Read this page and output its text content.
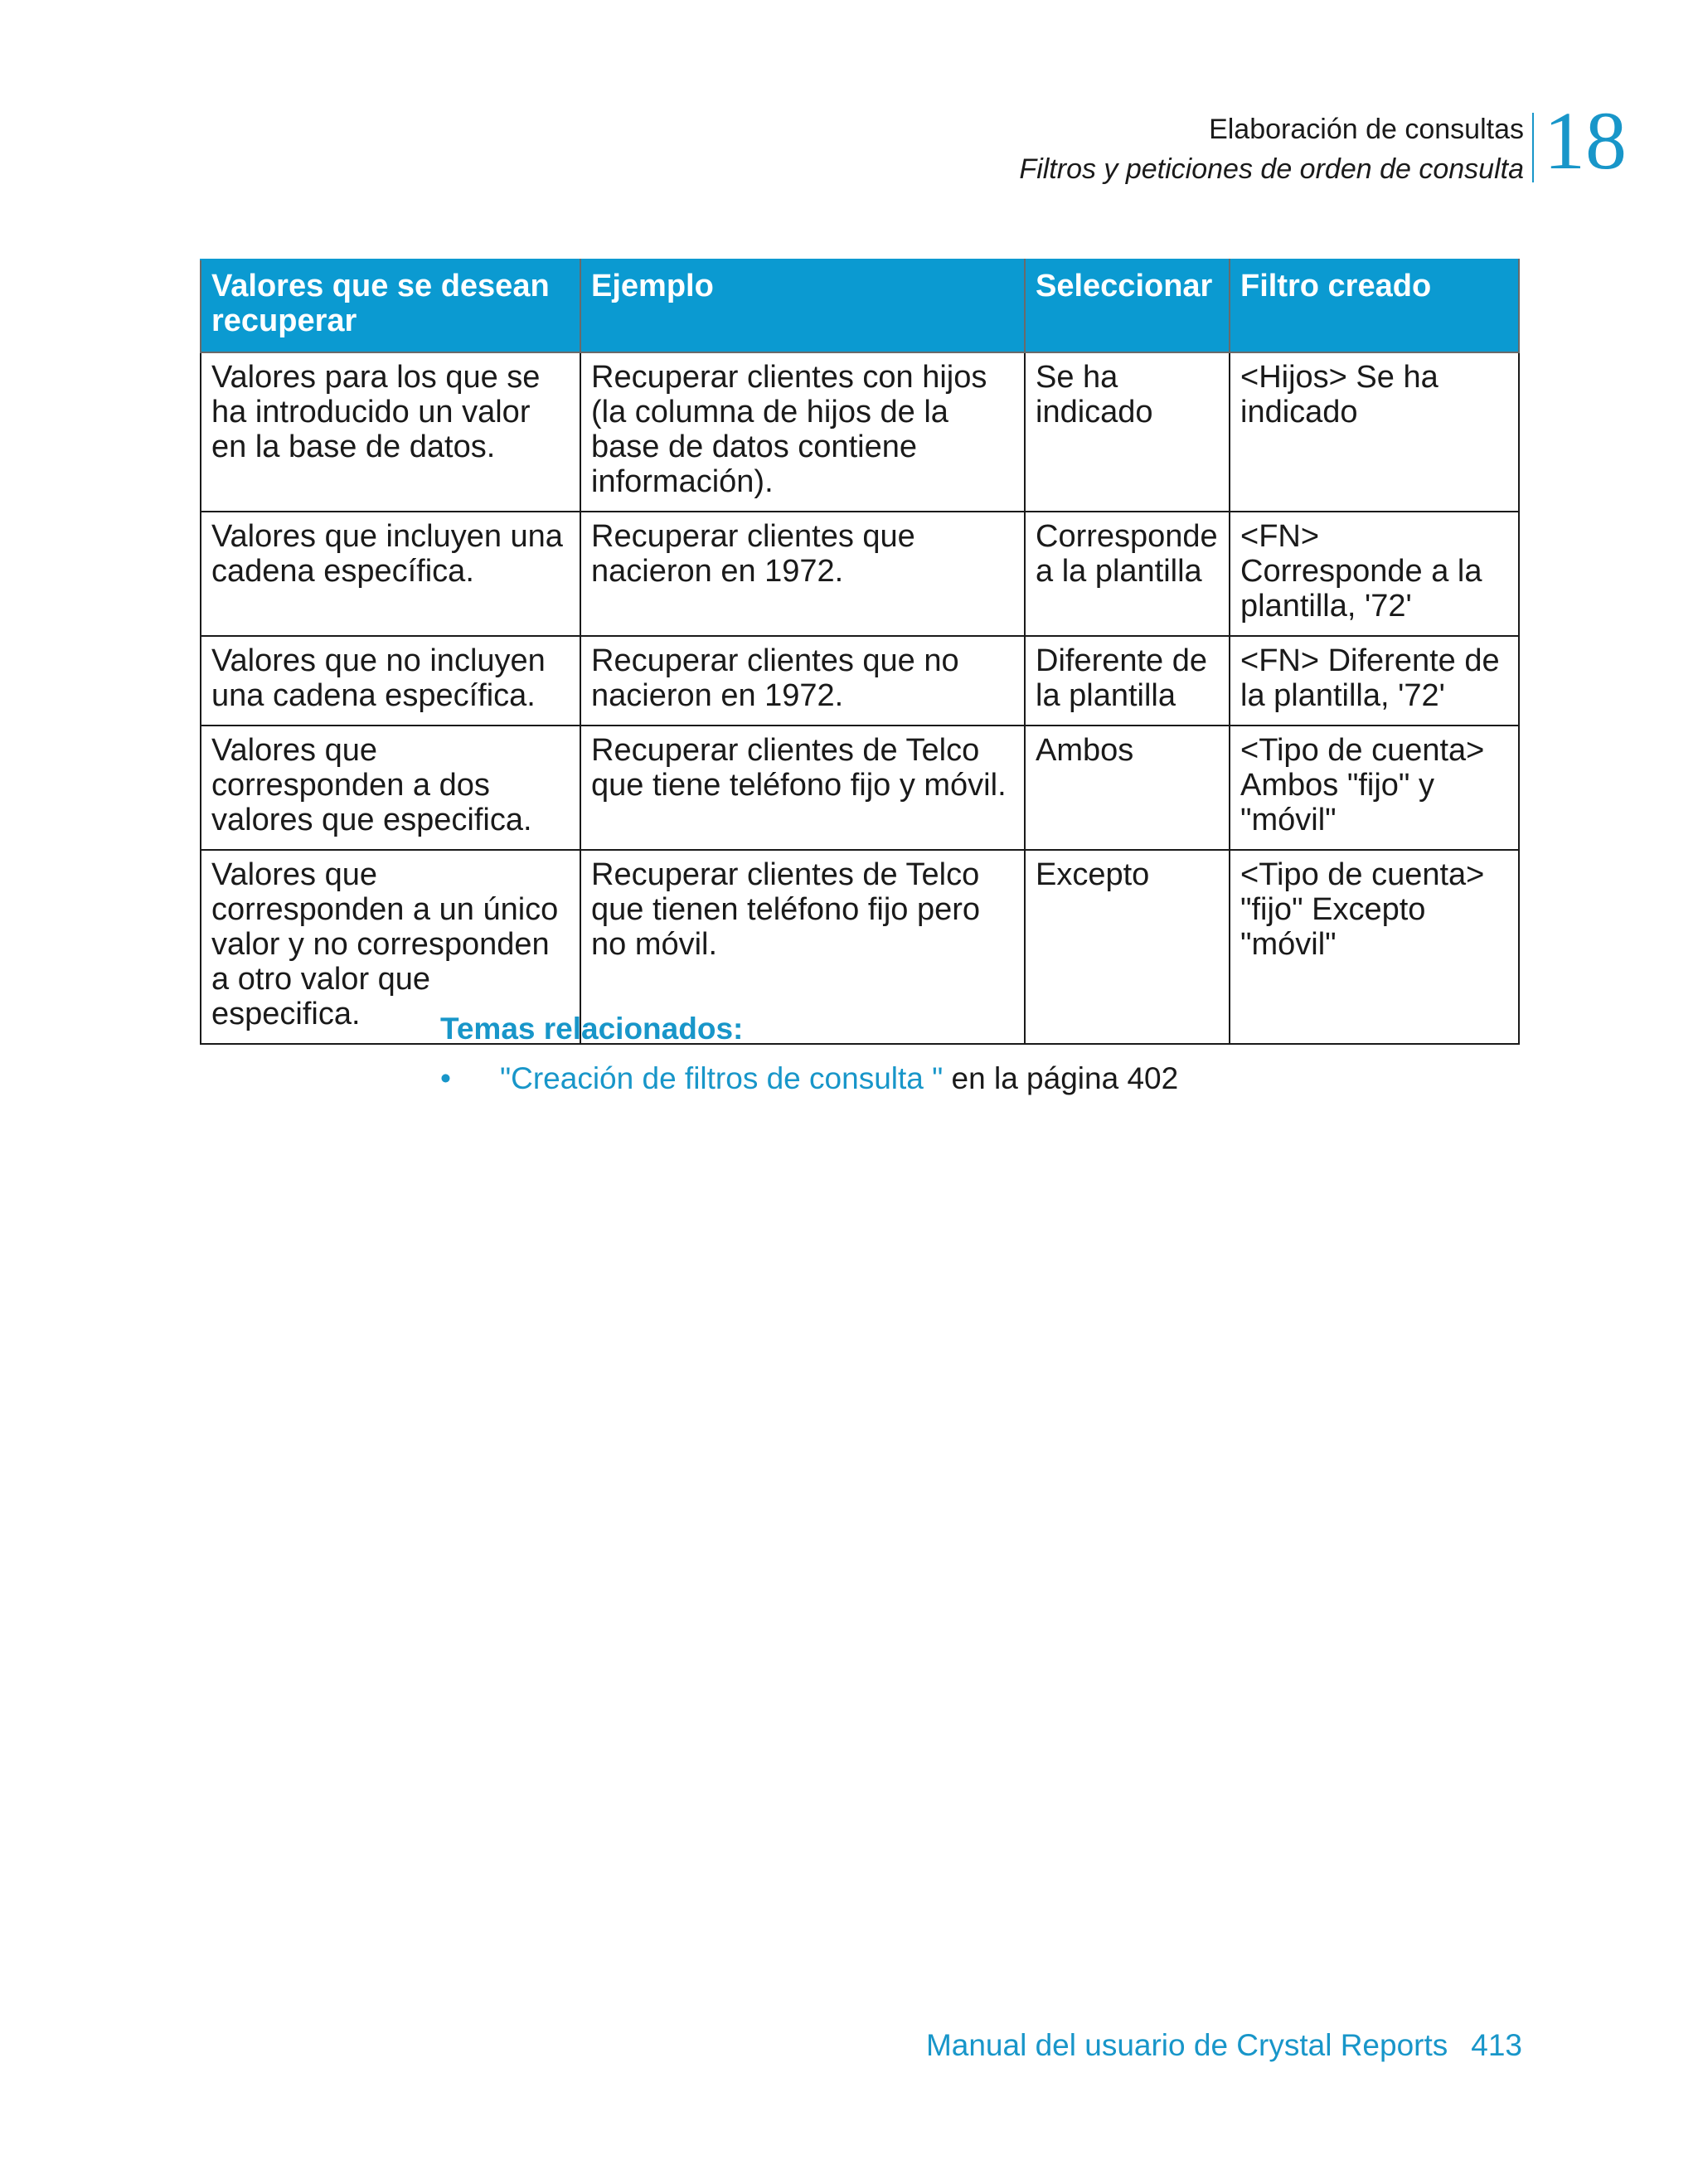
Elaboración de consultas
Filtros y peticiones de orden de consulta 18
Valores que se desean recuperar	Ejemplo	Seleccionar	Filtro creado
Valores para los que se ha introducido un valor en la base de datos.	Recuperar clientes con hijos (la columna de hijos de la base de datos contiene información).	Se ha indicado	<Hijos> Se ha indicado
Valores que incluyen una cadena específica.	Recuperar clientes que nacieron en 1972.	Corresponde a la plantilla	<FN> Corresponde a la plantilla, '72'
Valores que no incluyen una cadena específica.	Recuperar clientes que no nacieron en 1972.	Diferente de la plantilla	<FN> Diferente de la plantilla, '72'
Valores que corresponden a dos valores que especifica.	Recuperar clientes de Telco que tiene teléfono fijo y móvil.	Ambos	<Tipo de cuenta> Ambos "fijo" y "móvil"
Valores que corresponden a un único valor y no corresponden a otro valor que especifica.	Recuperar clientes de Telco que tienen teléfono fijo pero no móvil.	Excepto	<Tipo de cuenta> "fijo" Excepto "móvil"
Temas relacionados:
• "Creación de filtros de consulta " en la página 402
Manual del usuario de Crystal Reports 413
